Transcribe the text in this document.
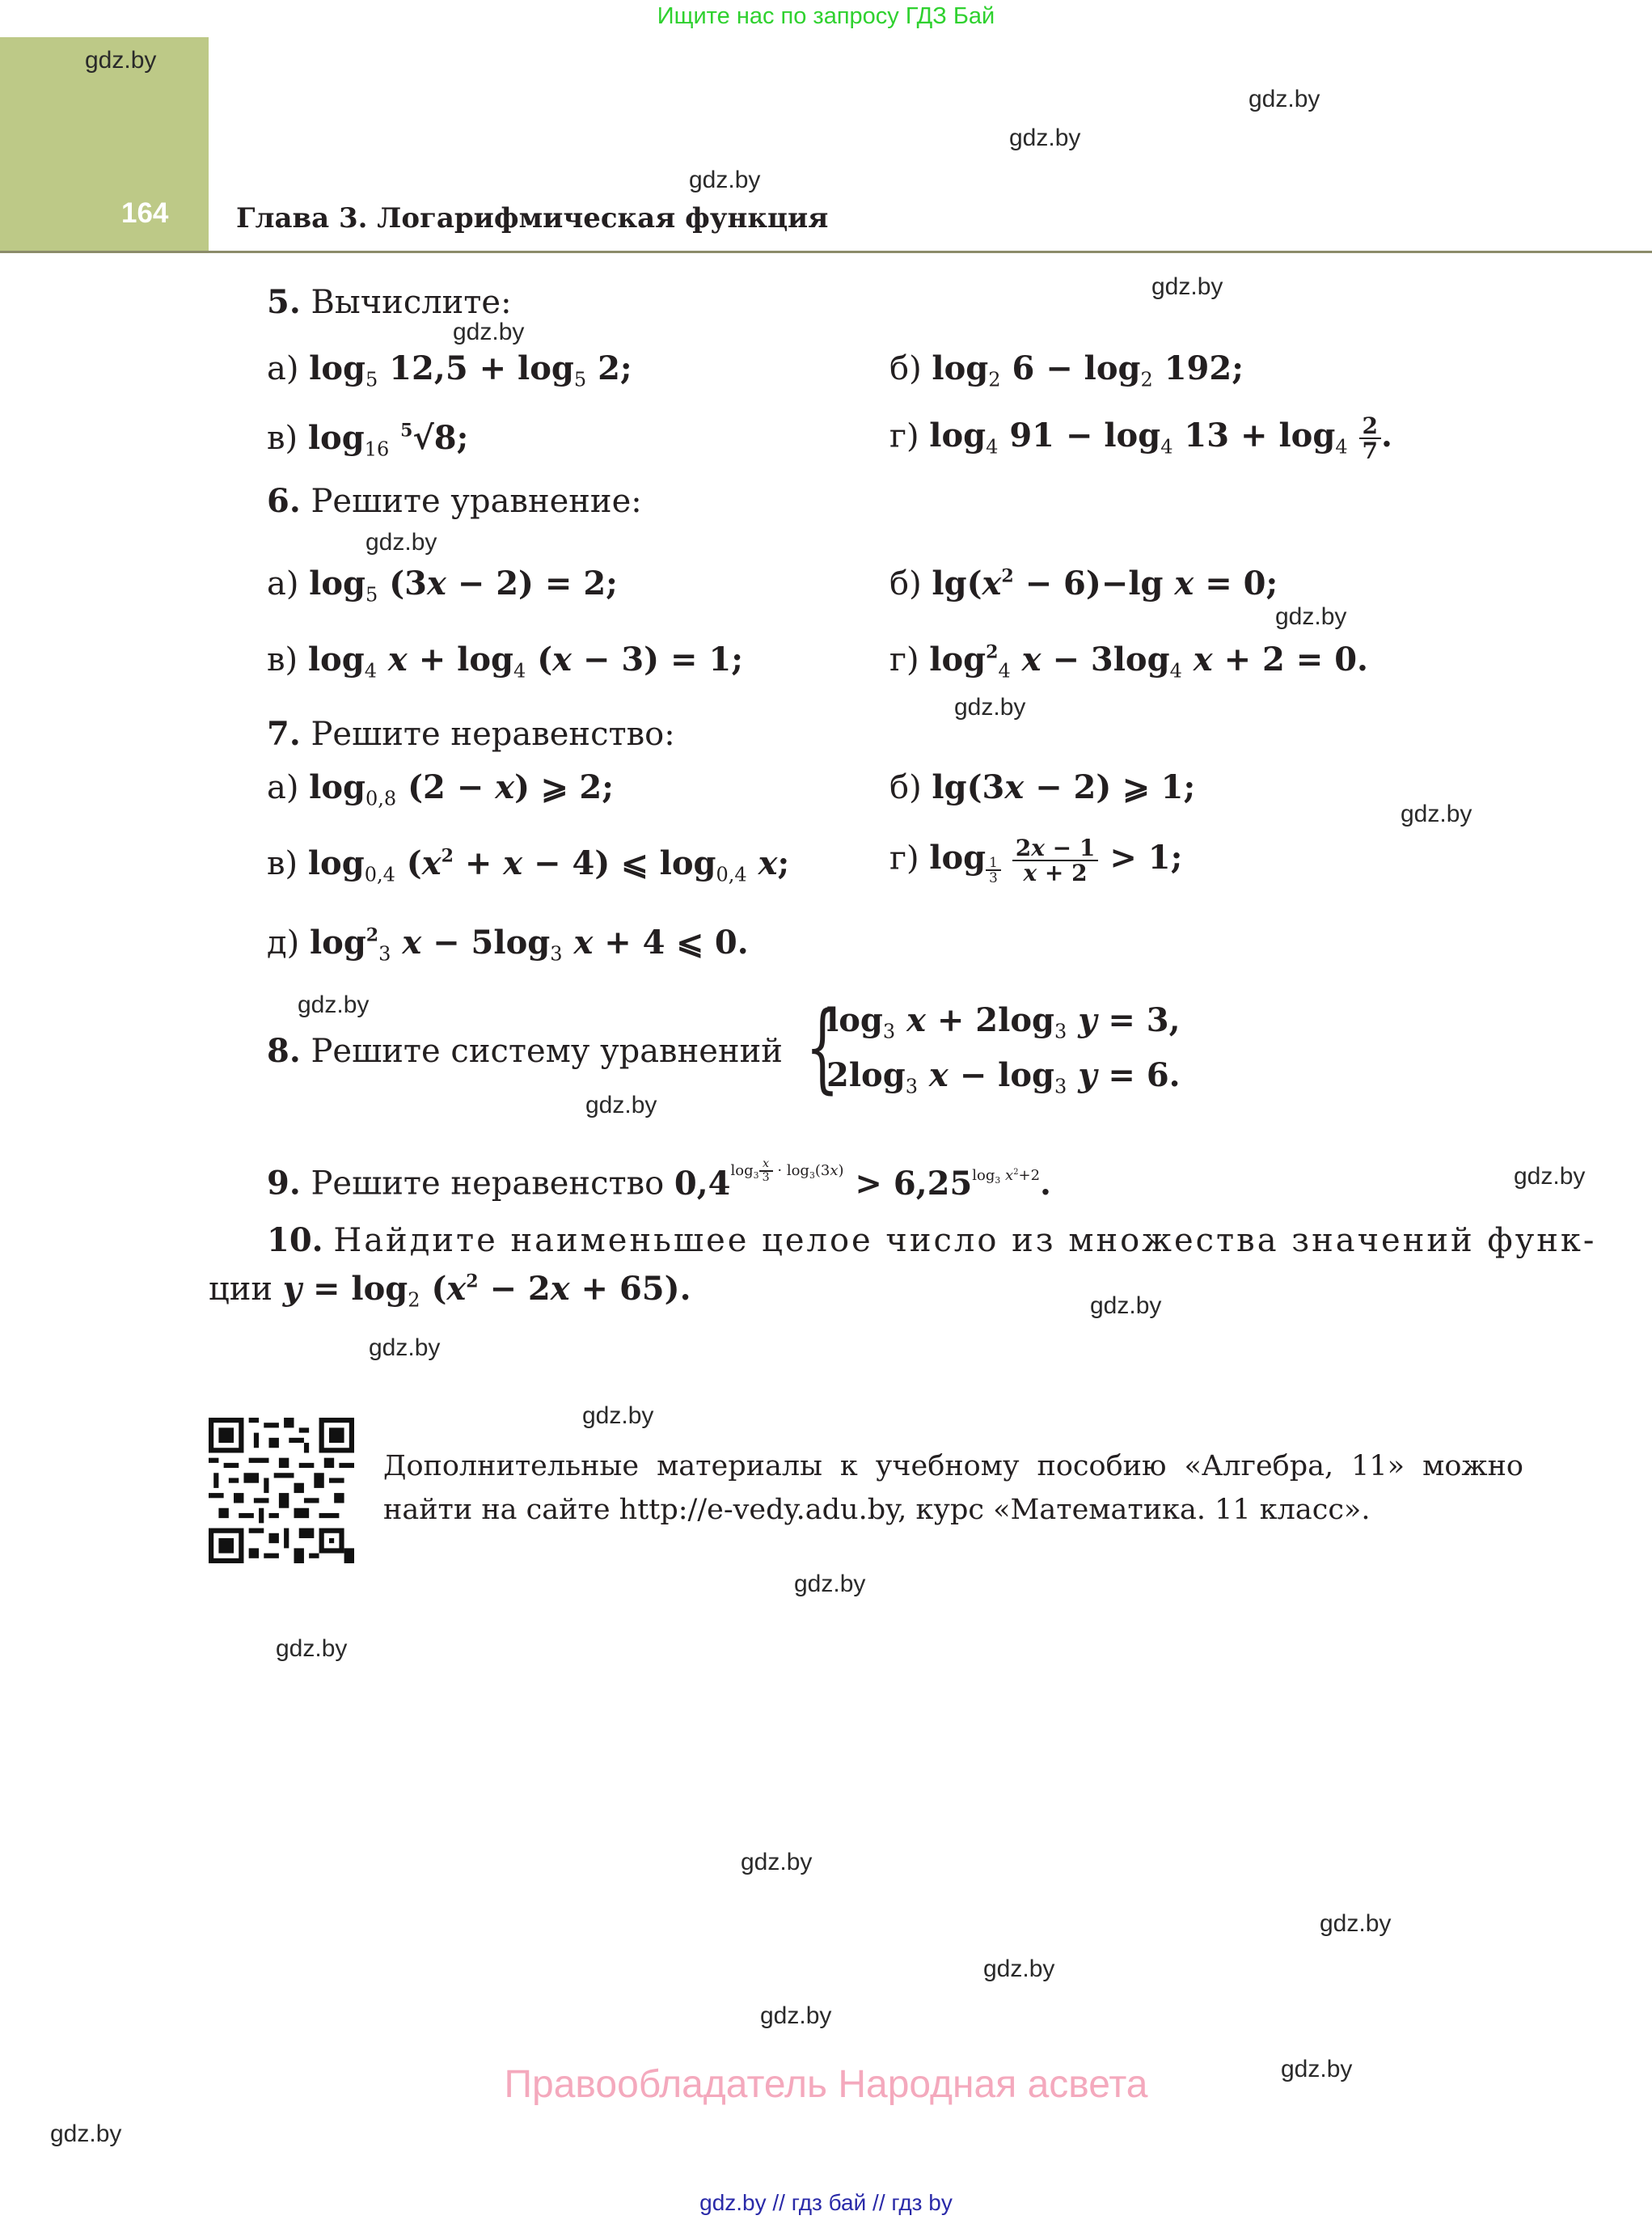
Ищите нас по запросу ГДЗ Бай
164 Глава 3. Логарифмическая функция
gdz.by
gdz.by
gdz.by
gdz.by
gdz.by
gdz.by
gdz.by
gdz.by
gdz.by
gdz.by
gdz.by
gdz.by
gdz.by
gdz.by
gdz.by
gdz.by
gdz.by
gdz.by
gdz.by
gdz.by
gdz.by
gdz.by
gdz.by
gdz.by
5. Вычислите:
а) $\log_5 12,5 + \log_5 2$;	б) $\log_2 6 - \log_2 192$;
в) $\log_{16} ^5√8$;	г) $\log_4 91 - \log_4 13 + \log_4 \frac{2}{7}$ .
6. Решите уравнение:
а) $\log_5 (3x - 2) = 2$;	б) $\lg(x^2 - 6)-\lg$ x = 0;
в) $\log_4 x + \log_4 (x - 3) = 1$;	г) $\log^2_4 x - 3\log_4$ x + 2 = 0.
7. Решите неравенство:
а) $\log_{0,8} (2 - x)$ ⩾ 2;	б) lg(3x − 2) ⩾ 1;
в) $\log_{0,4} (x^2 + x - 4)$ ⩽ $\log_{0,4} x$;	г) log $_{\frac{1}{3}}$
$\frac{2x - 1}{x + 2} > 1$;
д) $\log^2_3 x - 5\log_3$ x + 4 ⩽ 0.
8. Решите систему уравнений {
$\log_3 x + 2\log_3$ y = 3,
$2\log_3$ $x - \log_3 y = 6$.
9. Решите неравенство $0,4^{log_3 \frac{x}{3} \cdot log_3(3x)} > 6,25^{log_3 x^2+2}$.
10. Найдите наименьшее целое число из множества значений функ-
ции $y = \log_2 (x^2 - 2x + 65)$.
Дополнительные материалы к учебному пособию «Алгебра, 11» можно найти на сайте http://e-vedy.adu.by, курс «Математика. 11 класс».
Правообладатель Народная асвета
gdz.by // гдз бай // гдз by
